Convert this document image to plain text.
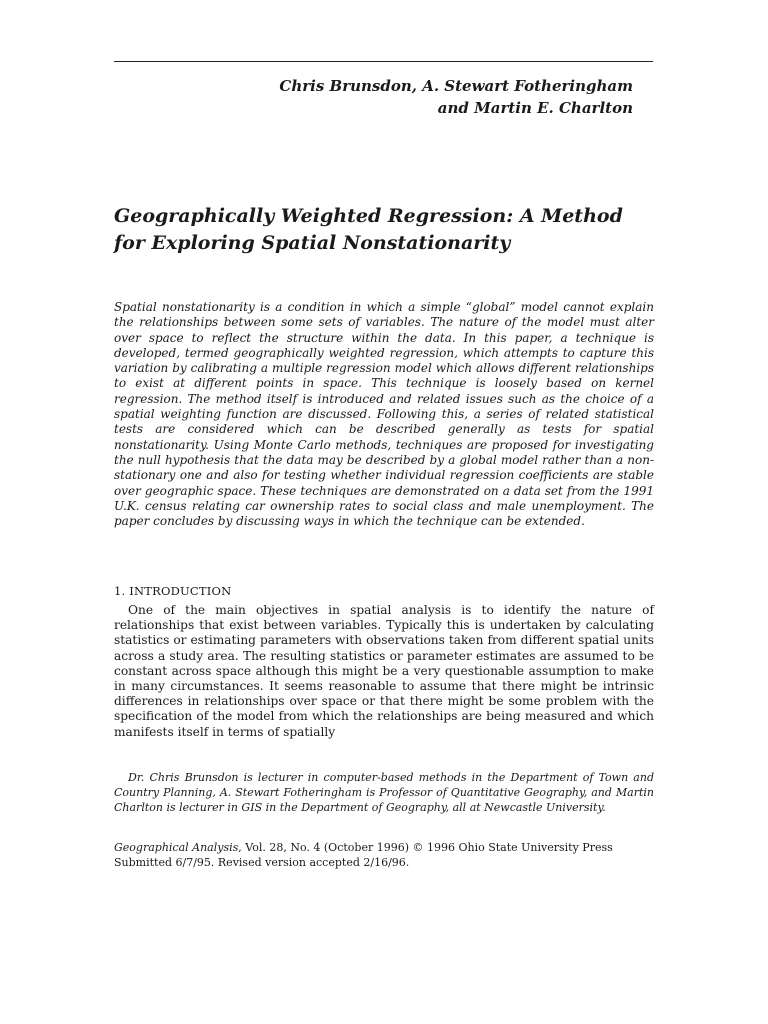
Chris Brunsdon, A. Stewart Fotheringham
and Martin E. Charlton
Geographically Weighted Regression: A Method
for Exploring Spatial Nonstationarity
Spatial nonstationarity is a condition in which a simple “global” model cannot explain the relationships between some sets of variables. The nature of the model must alter over space to reflect the structure within the data. In this paper, a technique is developed, termed geographically weighted regression, which attempts to capture this variation by calibrating a multiple regression model which allows different relationships to exist at different points in space. This technique is loosely based on kernel regression. The method itself is introduced and related issues such as the choice of a spatial weighting function are discussed. Following this, a series of related statistical tests are considered which can be described generally as tests for spatial nonstationarity. Using Monte Carlo methods, techniques are proposed for investigating the null hypothesis that the data may be described by a global model rather than a non-stationary one and also for testing whether individual regression coefficients are stable over geographic space. These techniques are demonstrated on a data set from the 1991 U.K. census relating car ownership rates to social class and male unemployment. The paper concludes by discussing ways in which the technique can be extended.
1. INTRODUCTION
One of the main objectives in spatial analysis is to identify the nature of relationships that exist between variables. Typically this is undertaken by calculating statistics or estimating parameters with observations taken from different spatial units across a study area. The resulting statistics or parameter estimates are assumed to be constant across space although this might be a very questionable assumption to make in many circumstances. It seems reasonable to assume that there might be intrinsic differences in relationships over space or that there might be some problem with the specification of the model from which the relationships are being measured and which manifests itself in terms of spatially
Dr. Chris Brunsdon is lecturer in computer-based methods in the Department of Town and Country Planning, A. Stewart Fotheringham is Professor of Quantitative Geography, and Martin Charlton is lecturer in GIS in the Department of Geography, all at Newcastle University.
Geographical Analysis, Vol. 28, No. 4 (October 1996) © 1996 Ohio State University Press
Submitted 6/7/95. Revised version accepted 2/16/96.
